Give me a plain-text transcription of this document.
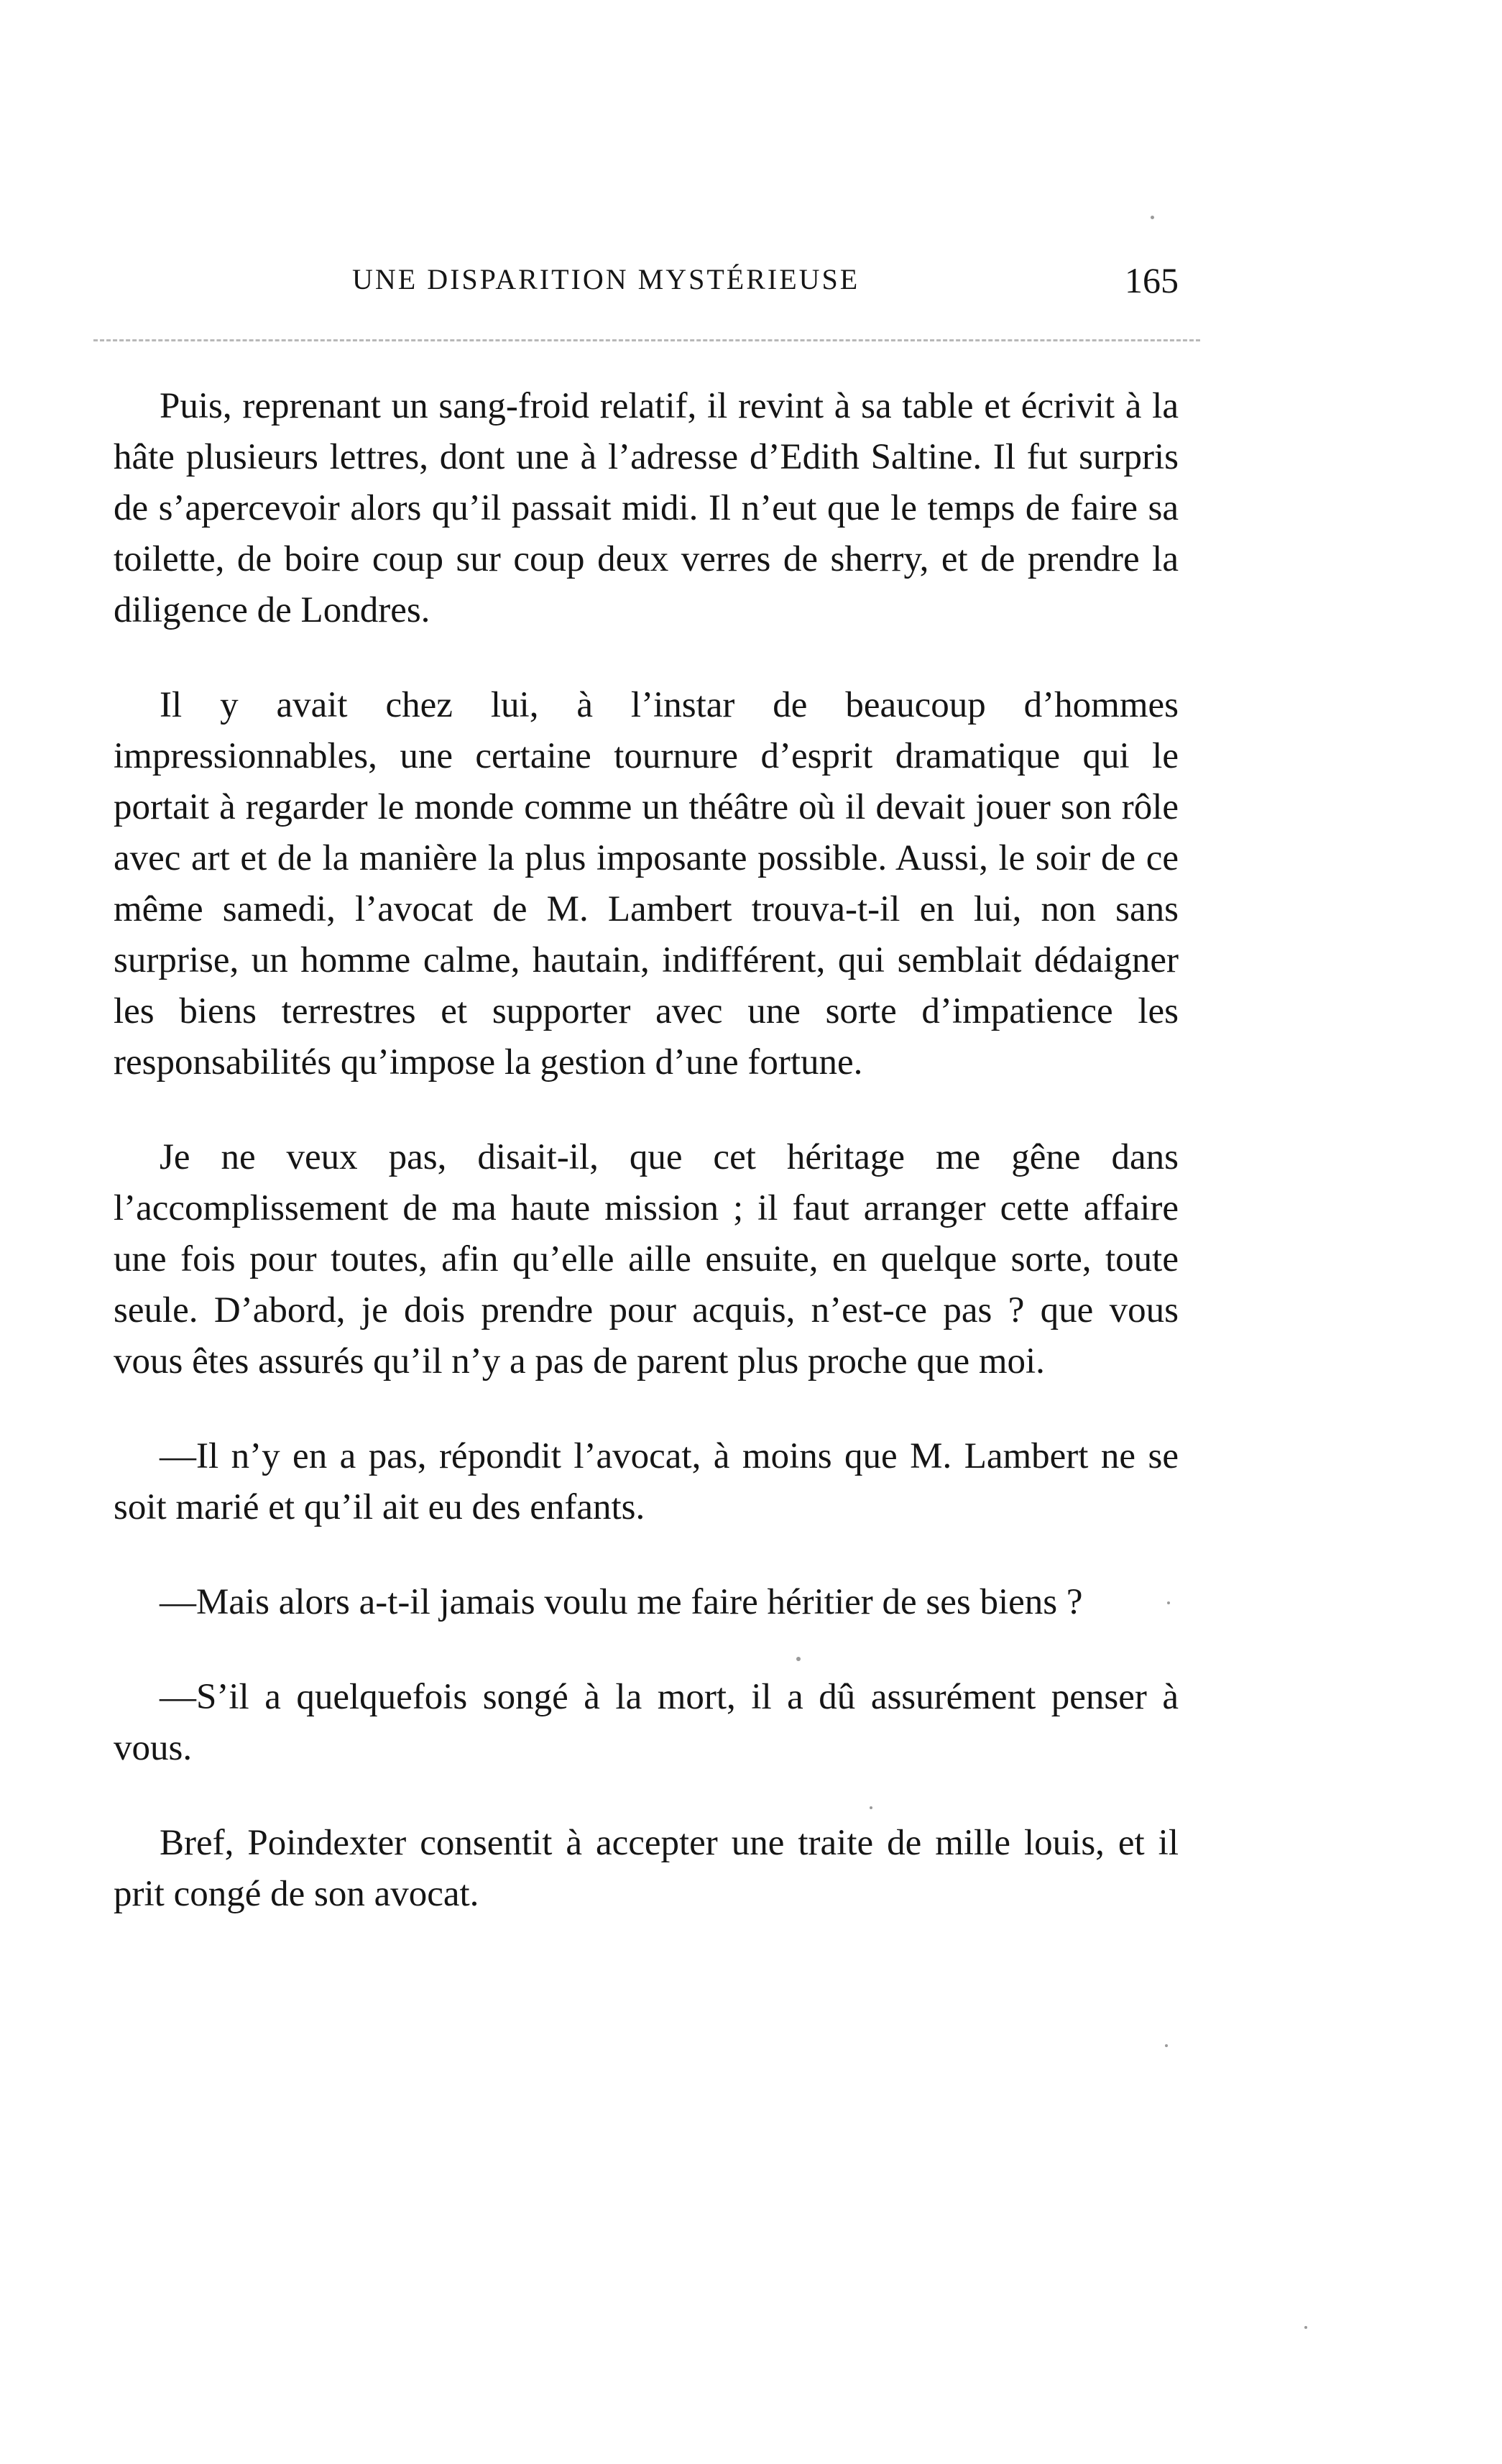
UNE DISPARITION MYSTÉRIEUSE	165

Puis, reprenant un sang-froid relatif, il revint à sa table et écrivit à la hâte plusieurs lettres, dont une à l’adresse d’Edith Saltine. Il fut surpris de s’apercevoir alors qu’il passait midi. Il n’eut que le temps de faire sa toilette, de boire coup sur coup deux verres de sherry, et de prendre la diligence de Londres.

Il y avait chez lui, à l’instar de beaucoup d’hommes impressionnables, une certaine tournure d’esprit dramatique qui le portait à regarder le monde comme un théâtre où il devait jouer son rôle avec art et de la manière la plus imposante possible. Aussi, le soir de ce même samedi, l’avocat de M. Lambert trouva-t-il en lui, non sans surprise, un homme calme, hautain, indifférent, qui semblait dédaigner les biens terrestres et supporter avec une sorte d’impatience les responsabilités qu’impose la gestion d’une fortune.

Je ne veux pas, disait-il, que cet héritage me gêne dans l’accomplissement de ma haute mission ; il faut arranger cette affaire une fois pour toutes, afin qu’elle aille ensuite, en quelque sorte, toute seule. D’abord, je dois prendre pour acquis, n’est-ce pas ? que vous vous êtes assurés qu’il n’y a pas de parent plus proche que moi.

—Il n’y en a pas, répondit l’avocat, à moins que M. Lambert ne se soit marié et qu’il ait eu des enfants.

—Mais alors a-t-il jamais voulu me faire héritier de ses biens ?

—S’il a quelquefois songé à la mort, il a dû assurément penser à vous.

Bref, Poindexter consentit à accepter une traite de mille louis, et il prit congé de son avocat.
